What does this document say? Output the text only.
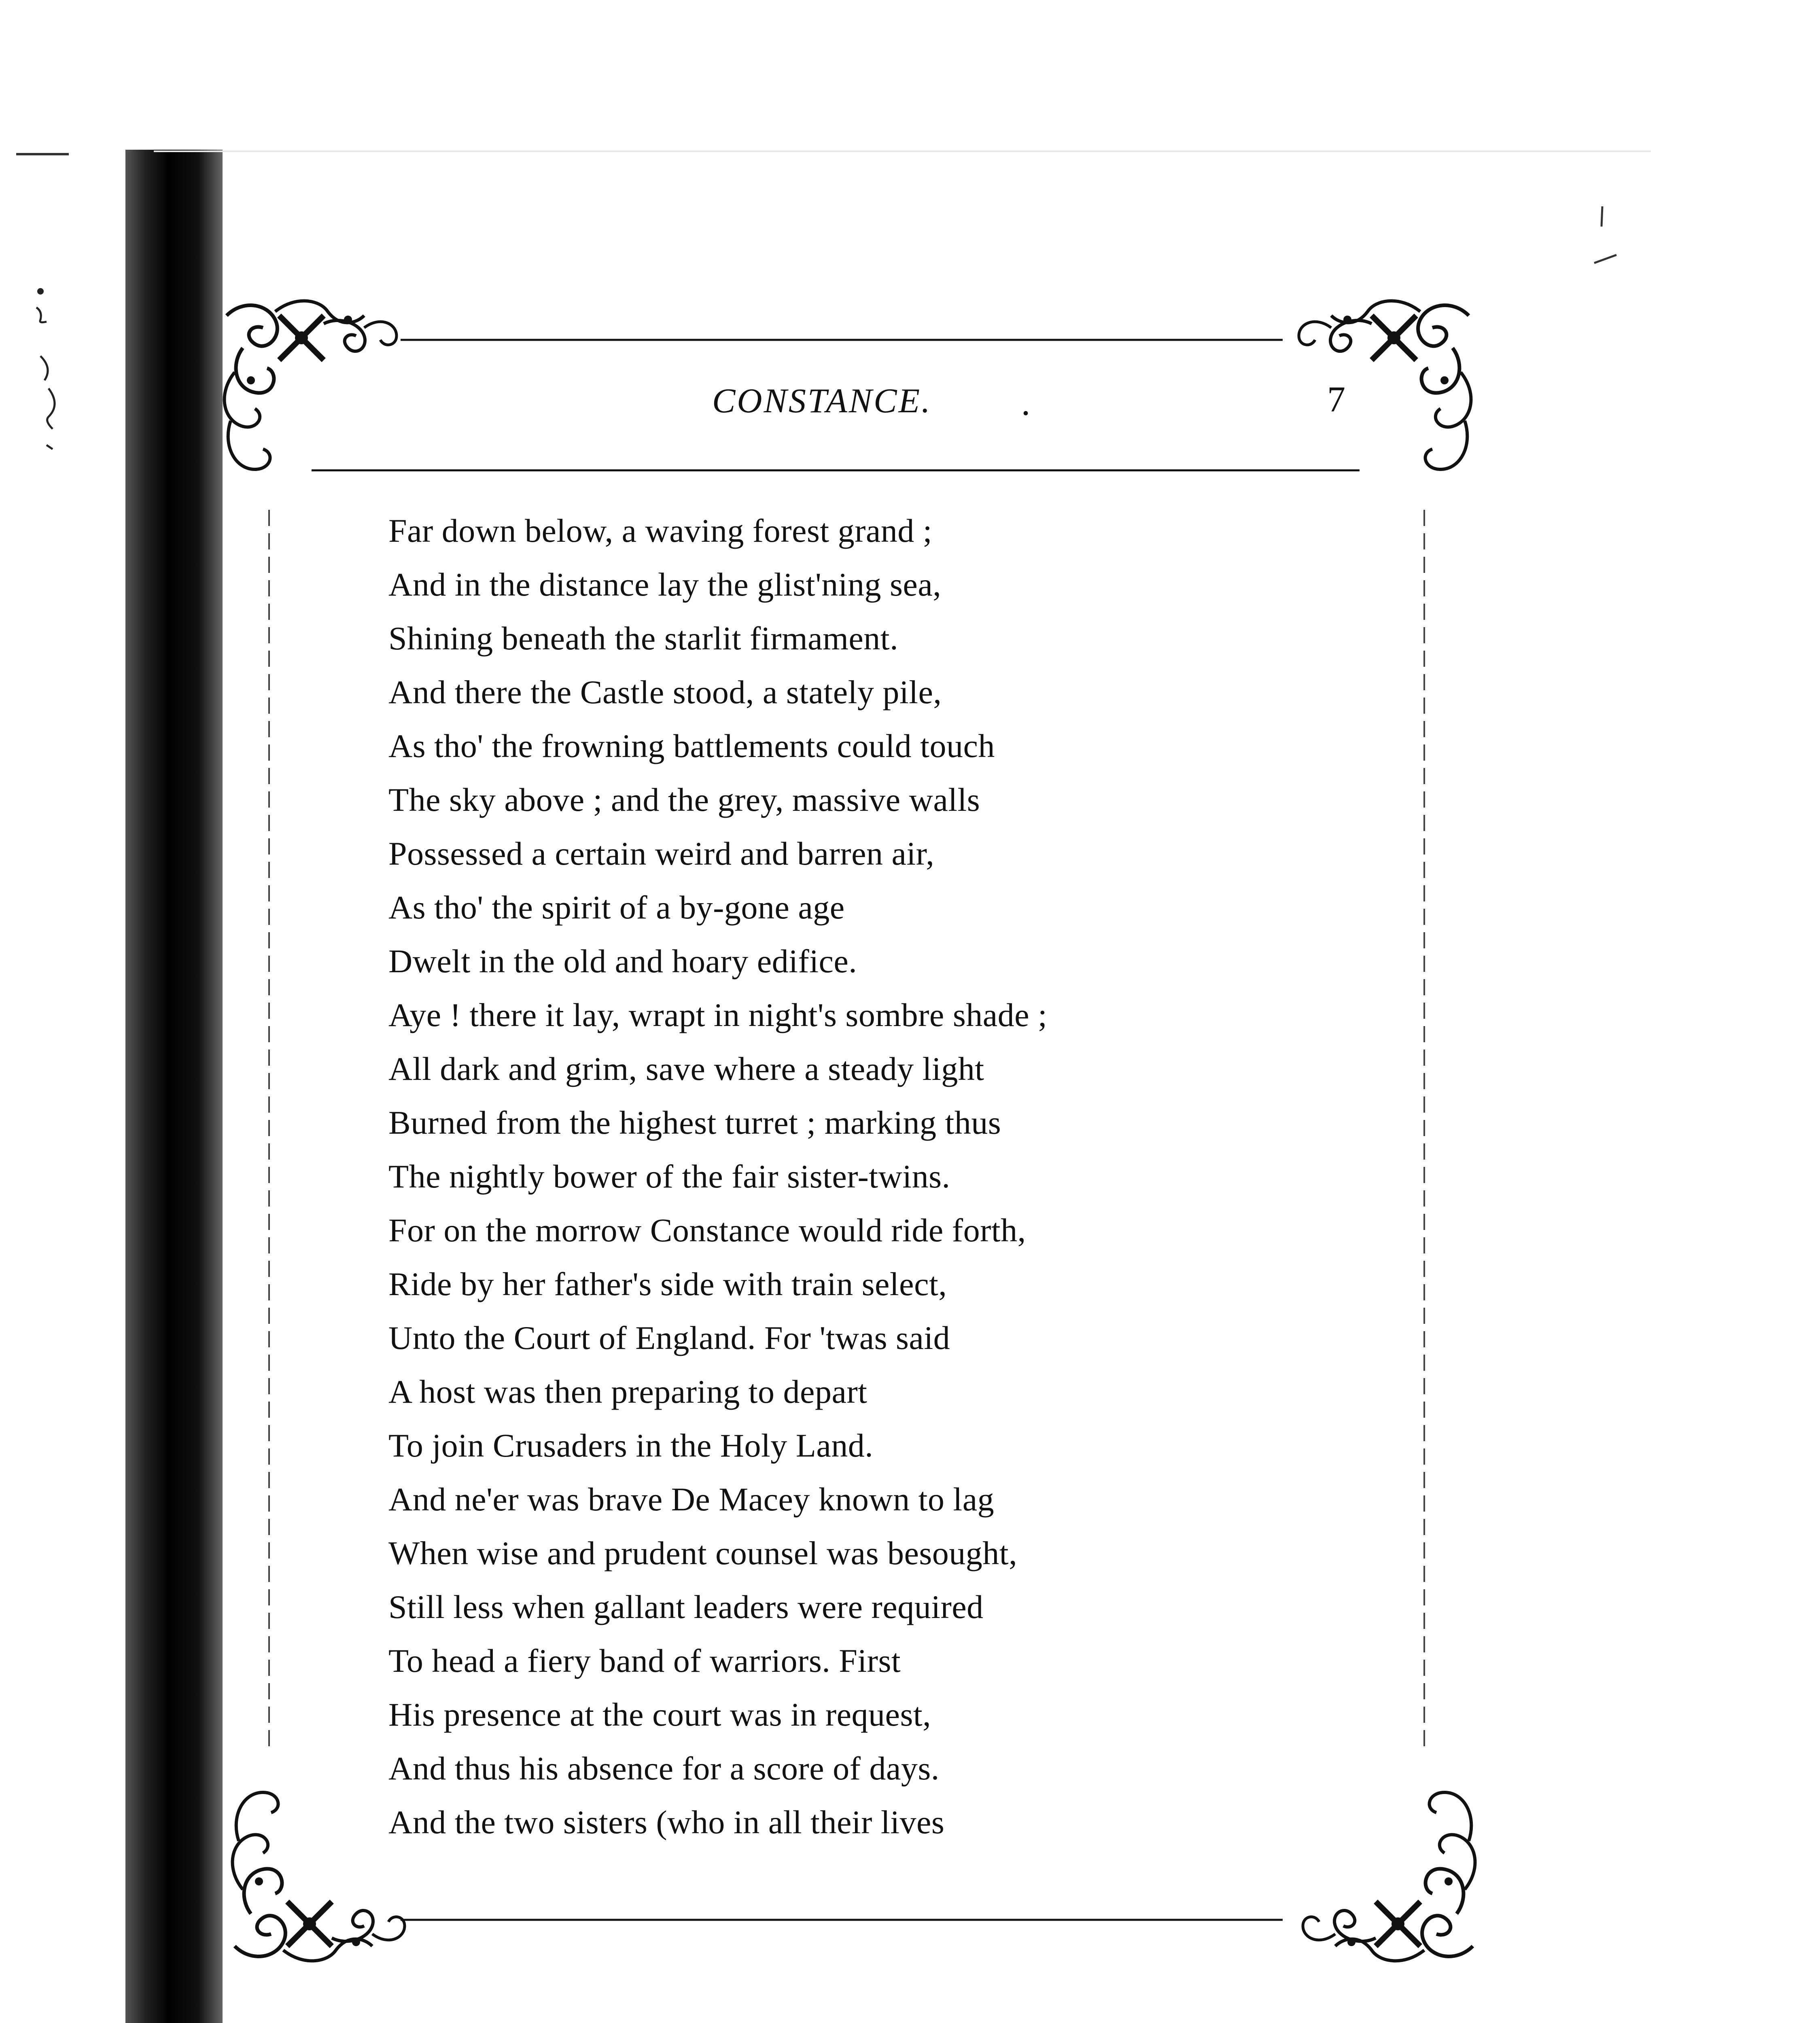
CONSTANCE. ·	7
Far down below, a waving forest grand ;
And in the distance lay the glist'ning sea,
Shining beneath the starlit firmament.
And there the Castle stood, a stately pile,
As tho' the frowning battlements could touch
The sky above ; and the grey, massive walls
Possessed a certain weird and barren air,
As tho' the spirit of a by-gone age
Dwelt in the old and hoary edifice.
Aye ! there it lay, wrapt in night's sombre shade ;
All dark and grim, save where a steady light
Burned from the highest turret ; marking thus
The nightly bower of the fair sister-twins.
For on the morrow Constance would ride forth,
Ride by her father's side with train select,
Unto the Court of England. For 'twas said
A host was then preparing to depart
To join Crusaders in the Holy Land.
And ne'er was brave De Macey known to lag
When wise and prudent counsel was besought,
Still less when gallant leaders were required
To head a fiery band of warriors. First
His presence at the court was in request,
And thus his absence for a score of days.
And the two sisters (who in all their lives
